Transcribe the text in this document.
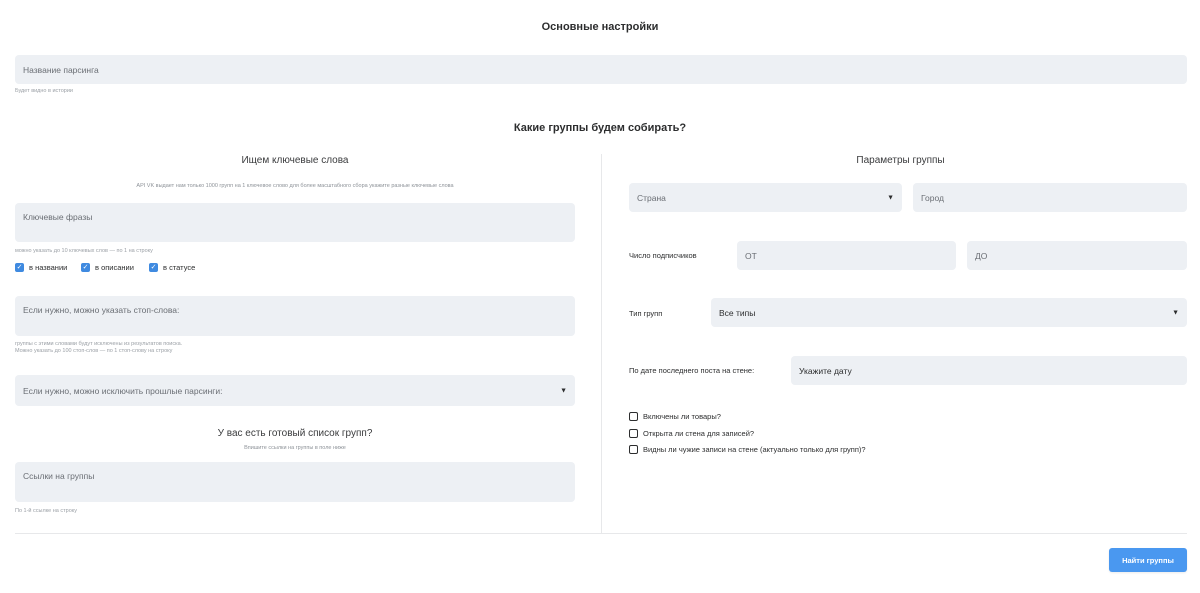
Основные настройки
Название парсинга
Будет видно в истории
Какие группы будем собирать?
Ищем ключевые слова
API VK выдает нам только 1000 групп на 1 ключевое слово для более масштабного сбора укажите разные ключевые слова
Ключевые фразы
можно указать до 10 ключевых слов — по 1 на строку
✓
в названии ✓	в описании ✓	в статусе
Если нужно, можно указать стоп-слова:
группы с этими словами будут исключены из результатов поиска.
Можно указать до 100 стоп-слов — по 1 стоп-слову на строку
Если нужно, можно исключить прошлые парсинги:	▼
У вас есть готовый список групп?
Впишите ссылки на группы в поле ниже
Ссылки на группы
По 1-й ссылке на строку
Параметры группы
Страна	▼	Город
Число подписчиков	ОТ	ДО
Тип групп	Все типы	▼
По дате последнего поста на стене:	Укажите дату
Включены ли товары?
Открыта ли стена для записей?
Видны ли чужие записи на стене (актуально только для групп)?
Найти группы
